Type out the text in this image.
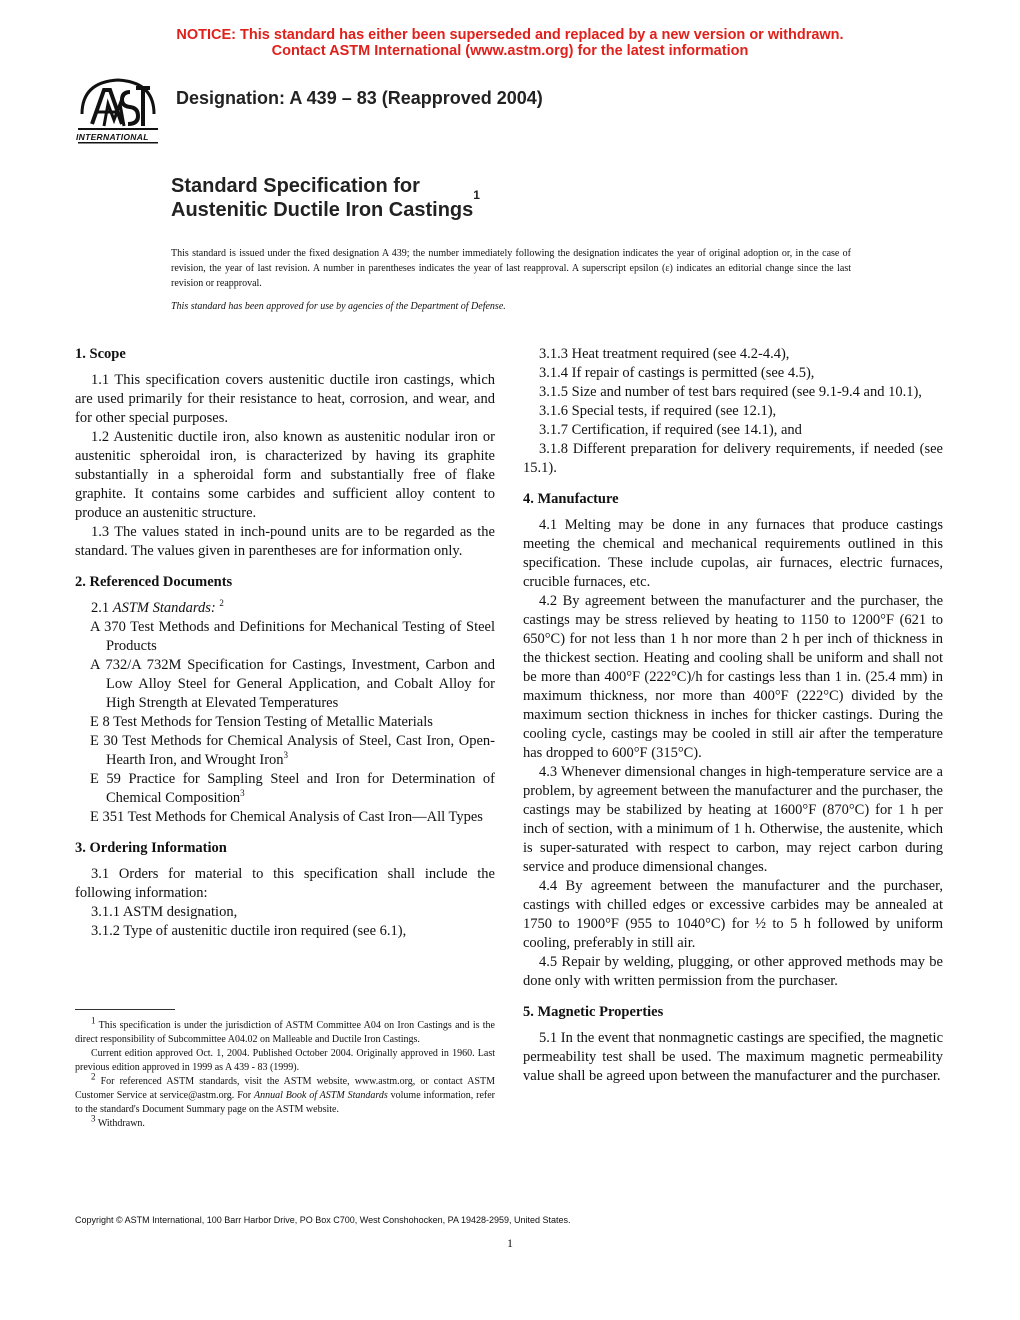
NOTICE: This standard has either been superseded and replaced by a new version or withdrawn.
Contact ASTM International (www.astm.org) for the latest information
INTERNATIONAL
Designation: A 439 – 83 (Reapproved 2004)
Standard Specification for
Austenitic Ductile Iron Castings$^1$
This standard is issued under the fixed designation A 439; the number immediately following the designation indicates the year of original adoption or, in the case of revision, the year of last revision. A number in parentheses indicates the year of last reapproval. A superscript epsilon (ε) indicates an editorial change since the last revision or reapproval.
This standard has been approved for use by agencies of the Department of Defense.
1. Scope

1.1 This specification covers austenitic ductile iron castings, which are used primarily for their resistance to heat, corrosion, and wear, and for other special purposes.

1.2 Austenitic ductile iron, also known as austenitic nodular iron or austenitic spheroidal iron, is characterized by having its graphite substantially in a spheroidal form and substantially free of flake graphite. It contains some carbides and sufficient alloy content to produce an austenitic structure.

1.3 The values stated in inch-pound units are to be regarded as the standard. The values given in parentheses are for information only.

2. Referenced Documents

2.1 ASTM Standards: $^2$

A 370 Test Methods and Definitions for Mechanical Testing of Steel Products

A 732/A 732M Specification for Castings, Investment, Carbon and Low Alloy Steel for General Application, and Cobalt Alloy for High Strength at Elevated Temperatures

E 8 Test Methods for Tension Testing of Metallic Materials

E 30 Test Methods for Chemical Analysis of Steel, Cast Iron, Open-Hearth Iron, and Wrought Iron$^3$

E 59 Practice for Sampling Steel and Iron for Determination of Chemical Composition$^3$

E 351 Test Methods for Chemical Analysis of Cast Iron—All Types

3. Ordering Information

3.1 Orders for material to this specification shall include the following information:

3.1.1 ASTM designation,

3.1.2 Type of austenitic ductile iron required (see 6.1),

3.1.3 Heat treatment required (see 4.2-4.4),

3.1.4 If repair of castings is permitted (see 4.5),

3.1.5 Size and number of test bars required (see 9.1-9.4 and 10.1),

3.1.6 Special tests, if required (see 12.1),

3.1.7 Certification, if required (see 14.1), and

3.1.8 Different preparation for delivery requirements, if needed (see 15.1).

4. Manufacture

4.1 Melting may be done in any furnaces that produce castings meeting the chemical and mechanical requirements outlined in this specification. These include cupolas, air furnaces, electric furnaces, crucible furnaces, etc.

4.2 By agreement between the manufacturer and the purchaser, the castings may be stress relieved by heating to 1150 to 1200°F (621 to 650°C) for not less than 1 h nor more than 2 h per inch of thickness in the thickest section. Heating and cooling shall be uniform and shall not be more than 400°F (222°C)/h for castings less than 1 in. (25.4 mm) in maximum thickness, nor more than 400°F (222°C) divided by the maximum section thickness in inches for thicker castings. During the cooling cycle, castings may be cooled in still air after the temperature has dropped to 600°F (315°C).

4.3 Whenever dimensional changes in high-temperature service are a problem, by agreement between the manufacturer and the purchaser, the castings may be stabilized by heating at 1600°F (870°C) for 1 h per inch of section, with a minimum of 1 h. Otherwise, the austenite, which is super-saturated with respect to carbon, may reject carbon during service and produce dimensional changes.

4.4 By agreement between the manufacturer and the purchaser, castings with chilled edges or excessive carbides may be annealed at 1750 to 1900°F (955 to 1040°C) for ½ to 5 h followed by uniform cooling, preferably in still air.

4.5 Repair by welding, plugging, or other approved methods may be done only with written permission from the purchaser.

5. Magnetic Properties

5.1 In the event that nonmagnetic castings are specified, the magnetic permeability test shall be used. The maximum magnetic permeability value shall be agreed upon between the manufacturer and the purchaser.

$^1$ This specification is under the jurisdiction of ASTM Committee A04 on Iron Castings and is the direct responsibility of Subcommittee A04.02 on Malleable and Ductile Iron Castings.

Current edition approved Oct. 1, 2004. Published October 2004. Originally approved in 1960. Last previous edition approved in 1999 as A 439 - 83 (1999).

$^2$ For referenced ASTM standards, visit the ASTM website, www.astm.org, or contact ASTM Customer Service at service@astm.org. For Annual Book of ASTM Standards volume information, refer to the standard's Document Summary page on the ASTM website.

$^3$ Withdrawn.

Copyright © ASTM International, 100 Barr Harbor Drive, PO Box C700, West Conshohocken, PA 19428-2959, United States.
1
